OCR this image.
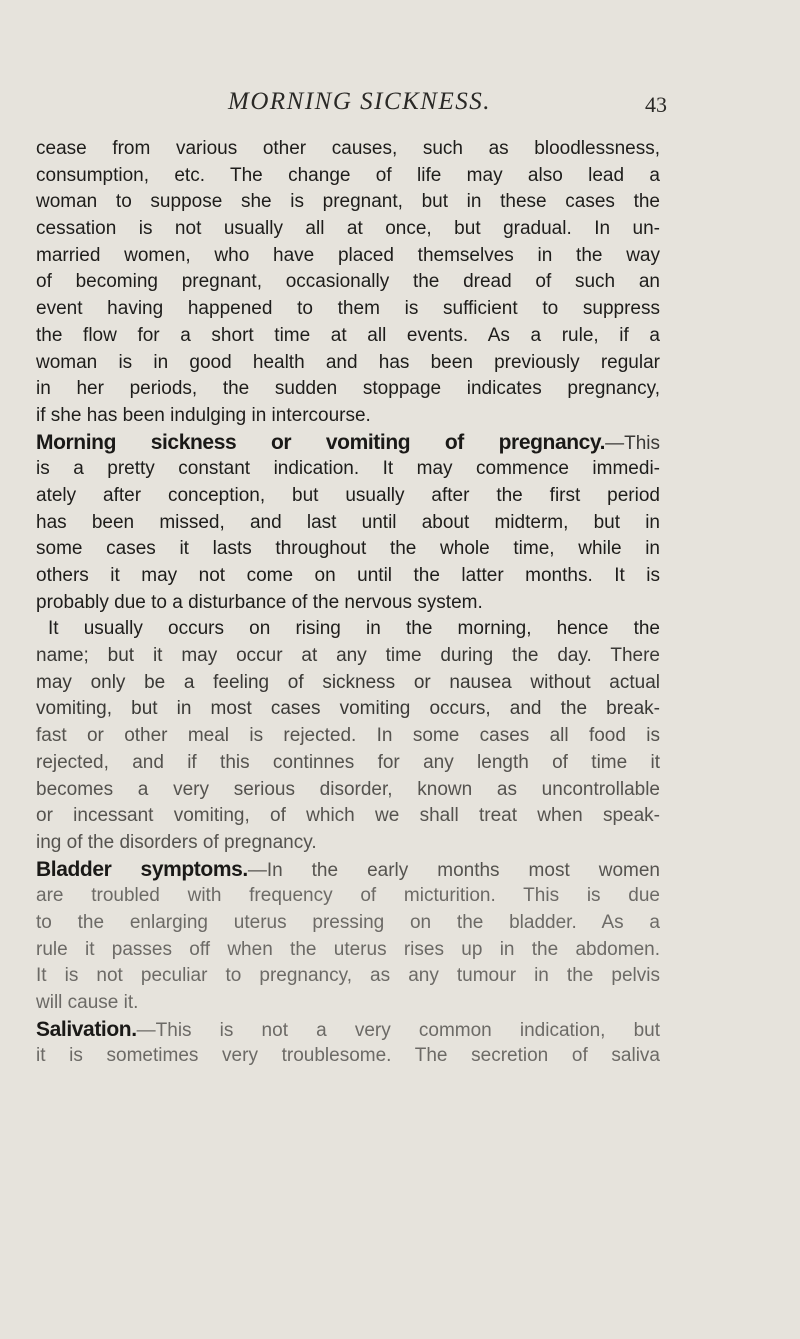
MORNING SICKNESS.	43
cease from various other causes, such as bloodlessness,
consumption, etc. The change of life may also lead a
woman to suppose she is pregnant, but in these cases the
cessation is not usually all at once, but gradual. In un-
married women, who have placed themselves in the way
of becoming pregnant, occasionally the dread of such an
event having happened to them is sufficient to suppress
the flow for a short time at all events. As a rule, if a
woman is in good health and has been previously regular
in her periods, the sudden stoppage indicates pregnancy,
if she has been indulging in intercourse.
Morning sickness or vomiting of pregnancy.—This
is a pretty constant indication. It may commence immedi-
ately after conception, but usually after the first period
has been missed, and last until about midterm, but in
some cases it lasts throughout the whole time, while in
others it may not come on until the latter months. It is
probably due to a disturbance of the nervous system.
It usually occurs on rising in the morning, hence the
name; but it may occur at any time during the day. There
may only be a feeling of sickness or nausea without actual
vomiting, but in most cases vomiting occurs, and the break-
fast or other meal is rejected. In some cases all food is
rejected, and if this continnes for any length of time it
becomes a very serious disorder, known as uncontrollable
or incessant vomiting, of which we shall treat when speak-
ing of the disorders of pregnancy.
Bladder symptoms.—In the early months most women
are troubled with frequency of micturition. This is due
to the enlarging uterus pressing on the bladder. As a
rule it passes off when the uterus rises up in the abdomen.
It is not peculiar to pregnancy, as any tumour in the pelvis
will cause it.
Salivation.—This is not a very common indication, but
it is sometimes very troublesome. The secretion of saliva
